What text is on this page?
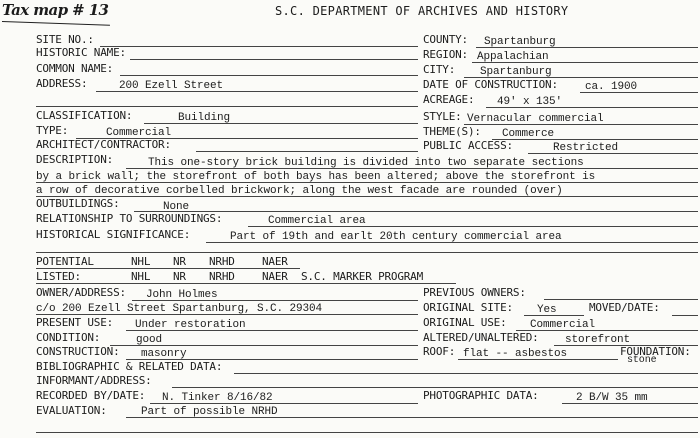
Tax map # 13	S.C. DEPARTMENT OF ARCHIVES AND HISTORY
SITE NO.:	COUNTY: Spartanburg
HISTORIC NAME:	REGION: Appalachian
COMMON NAME:	CITY: Spartanburg
ADDRESS:	200 Ezell Street	DATE OF CONSTRUCTION: ca. 1900
ACREAGE: 49' x 135'
CLASSIFICATION:	Building	STYLE: Vernacular commercial
TYPE:	Commercial	THEME(S): Commerce
ARCHITECT/CONTRACTOR:	PUBLIC ACCESS:	Restricted
DESCRIPTION:	This one-story brick building is divided into two separate sections
by a brick wall; the storefront of both bays has been altered; above the storefront is
a row of decorative corbelled brickwork; along the west facade are rounded (over)
OUTBUILDINGS:	None
RELATIONSHIP TO SURROUNDINGS:	Commercial area
HISTORICAL SIGNIFICANCE:	Part of 19th and earlt 20th century commercial area
POTENTIAL	NHL NR NRHD NAER
LISTED:	NHL NR NRHD NAER S.C. MARKER PROGRAM
OWNER/ADDRESS: John Holmes	PREVIOUS OWNERS:
c/o 200 Ezell Street Spartanburg, S.C. 29304	ORIGINAL SITE: Yes	MOVED/DATE:
PRESENT USE: Under restoration	ORIGINAL USE: Commercial
CONDITION:	good	ALTERED/UNALTERED: storefront
CONSTRUCTION: masonry	ROOF: flat -- asbestos	FOUNDATION:
stone
BIBLIOGRAPHIC & RELATED DATA:
INFORMANT/ADDRESS:
RECORDED BY/DATE: N. Tinker 8/16/82	PHOTOGRAPHIC DATA:	2 B/W 35 mm
EVALUATION:	Part of possible NRHD
